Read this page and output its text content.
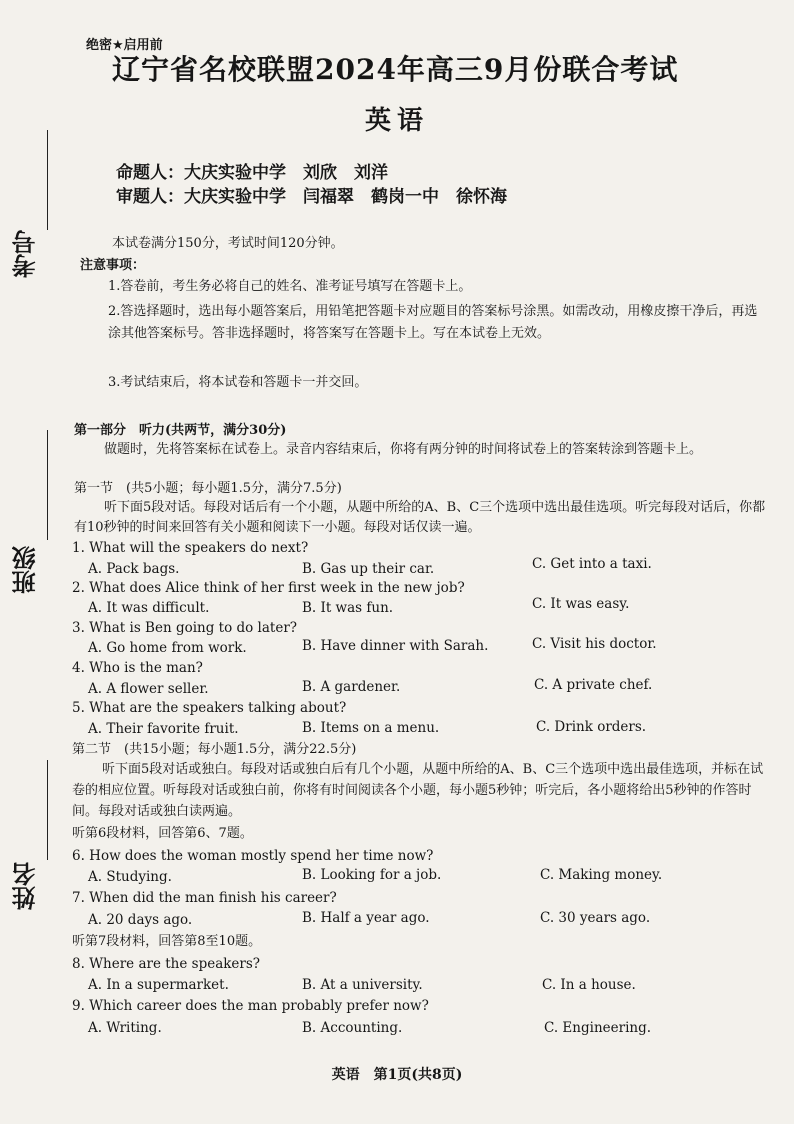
考号
班级
姓名
绝密★启用前
辽宁省名校联盟2024年高三9月份联合考试
英语
命题人：大庆实验中学　刘欣　刘洋
审题人：大庆实验中学　闫福翠　鹤岗一中　徐怀海
本试卷满分150分，考试时间120分钟。
注意事项：
1.答卷前，考生务必将自己的姓名、准考证号填写在答题卡上。
2.答选择题时，选出每小题答案后，用铅笔把答题卡对应题目的答案标号涂黑。如需改动，用橡皮擦干净后，再选涂其他答案标号。答非选择题时，将答案写在答题卡上。写在本试卷上无效。
3.考试结束后，将本试卷和答题卡一并交回。
第一部分　听力(共两节，满分30分)
做题时，先将答案标在试卷上。录音内容结束后，你将有两分钟的时间将试卷上的答案转涂到答题卡上。
第一节　(共5小题；每小题1.5分，满分7.5分)
听下面5段对话。每段对话后有一个小题，从题中所给的A、B、C三个选项中选出最佳选项。听完每段对话后，你都有10秒钟的时间来回答有关小题和阅读下一小题。每段对话仅读一遍。
1. What will the speakers do next?
A. Pack bags.	B. Gas up their car.	C. Get into a taxi.
2. What does Alice think of her first week in the new job?
A. It was difficult.	B. It was fun.	C. It was easy.
3. What is Ben going to do later?
A. Go home from work.	B. Have dinner with Sarah.	C. Visit his doctor.
4. Who is the man?
A. A flower seller.	B. A gardener.	C. A private chef.
5. What are the speakers talking about?
A. Their favorite fruit.	B. Items on a menu.	C. Drink orders.
第二节　(共15小题；每小题1.5分，满分22.5分)
听下面5段对话或独白。每段对话或独白后有几个小题，从题中所给的A、B、C三个选项中选出最佳选项，并标在试卷的相应位置。听每段对话或独白前，你将有时间阅读各个小题，每小题5秒钟；听完后，各小题将给出5秒钟的作答时间。每段对话或独白读两遍。
听第6段材料，回答第6、7题。
6. How does the woman mostly spend her time now?
A. Studying.	B. Looking for a job.	C. Making money.
7. When did the man finish his career?
A. 20 days ago.	B. Half a year ago.	C. 30 years ago.
听第7段材料，回答第8至10题。
8. Where are the speakers?
A. In a supermarket.	B. At a university.	C. In a house.
9. Which career does the man probably prefer now?
A. Writing.	B. Accounting.	C. Engineering.
英语　第1页(共8页)
